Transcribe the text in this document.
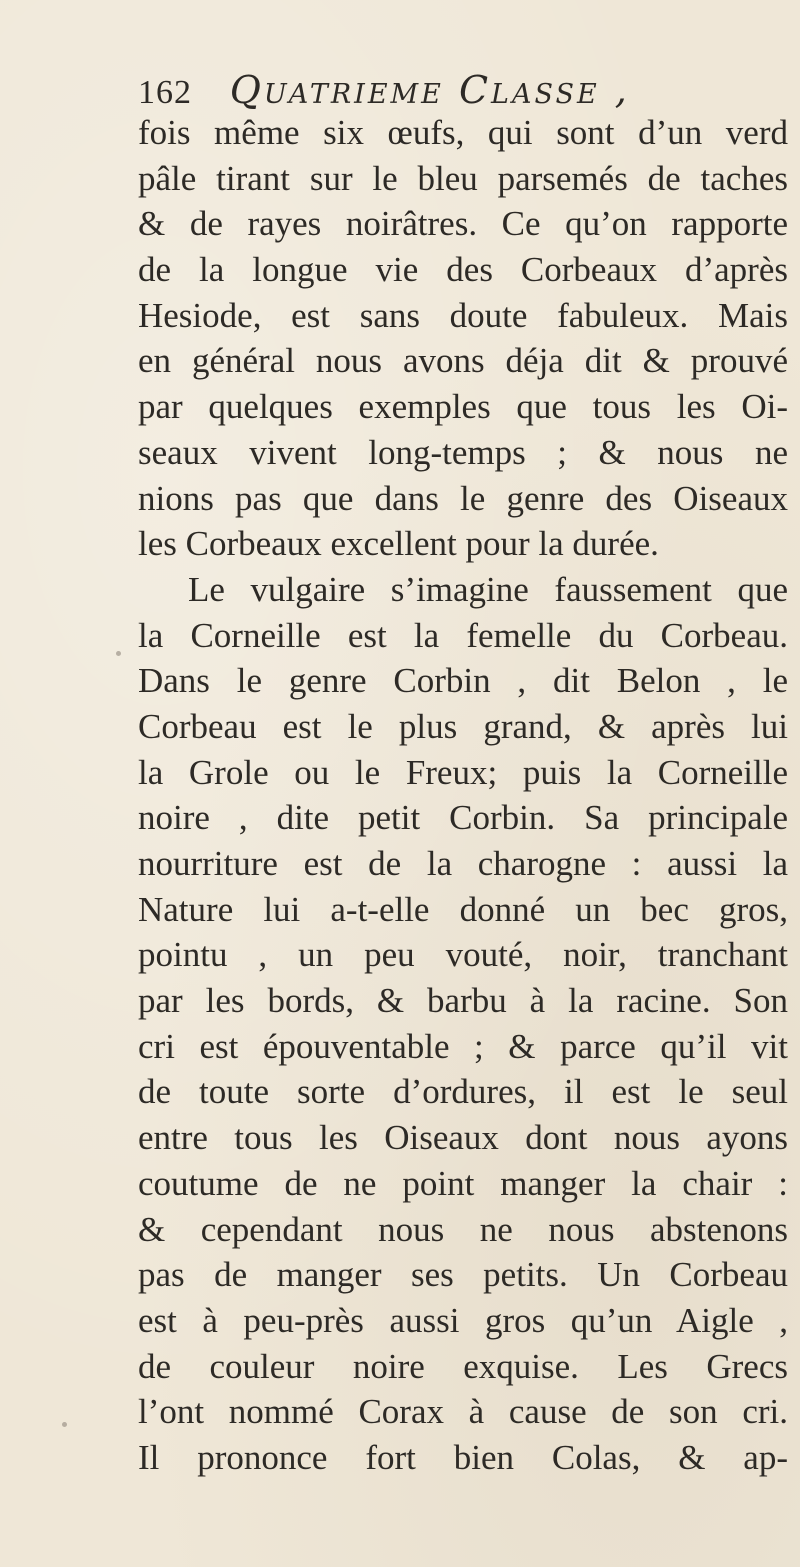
162 Quatrieme Classe ,
fois même six œufs, qui sont d’un verd
pâle tirant sur le bleu parsemés de taches
& de rayes noirâtres. Ce qu’on rapporte
de la longue vie des Corbeaux d’après
Hesiode, est sans doute fabuleux. Mais
en général nous avons déja dit & prouvé
par quelques exemples que tous les Oi-
seaux vivent long-temps ; & nous ne
nions pas que dans le genre des Oiseaux
les Corbeaux excellent pour la durée.
Le vulgaire s’imagine faussement que
la Corneille est la femelle du Corbeau.
Dans le genre Corbin , dit Belon , le
Corbeau est le plus grand, & après lui
la Grole ou le Freux; puis la Corneille
noire , dite petit Corbin. Sa principale
nourriture est de la charogne : aussi la
Nature lui a-t-elle donné un bec gros,
pointu , un peu vouté, noir, tranchant
par les bords, & barbu à la racine. Son
cri est épouventable ; & parce qu’il vit
de toute sorte d’ordures, il est le seul
entre tous les Oiseaux dont nous ayons
coutume de ne point manger la chair :
& cependant nous ne nous abstenons
pas de manger ses petits. Un Corbeau
est à peu-près aussi gros qu’un Aigle ,
de couleur noire exquise. Les Grecs
l’ont nommé Corax à cause de son cri.
Il prononce fort bien Colas, & ap-
